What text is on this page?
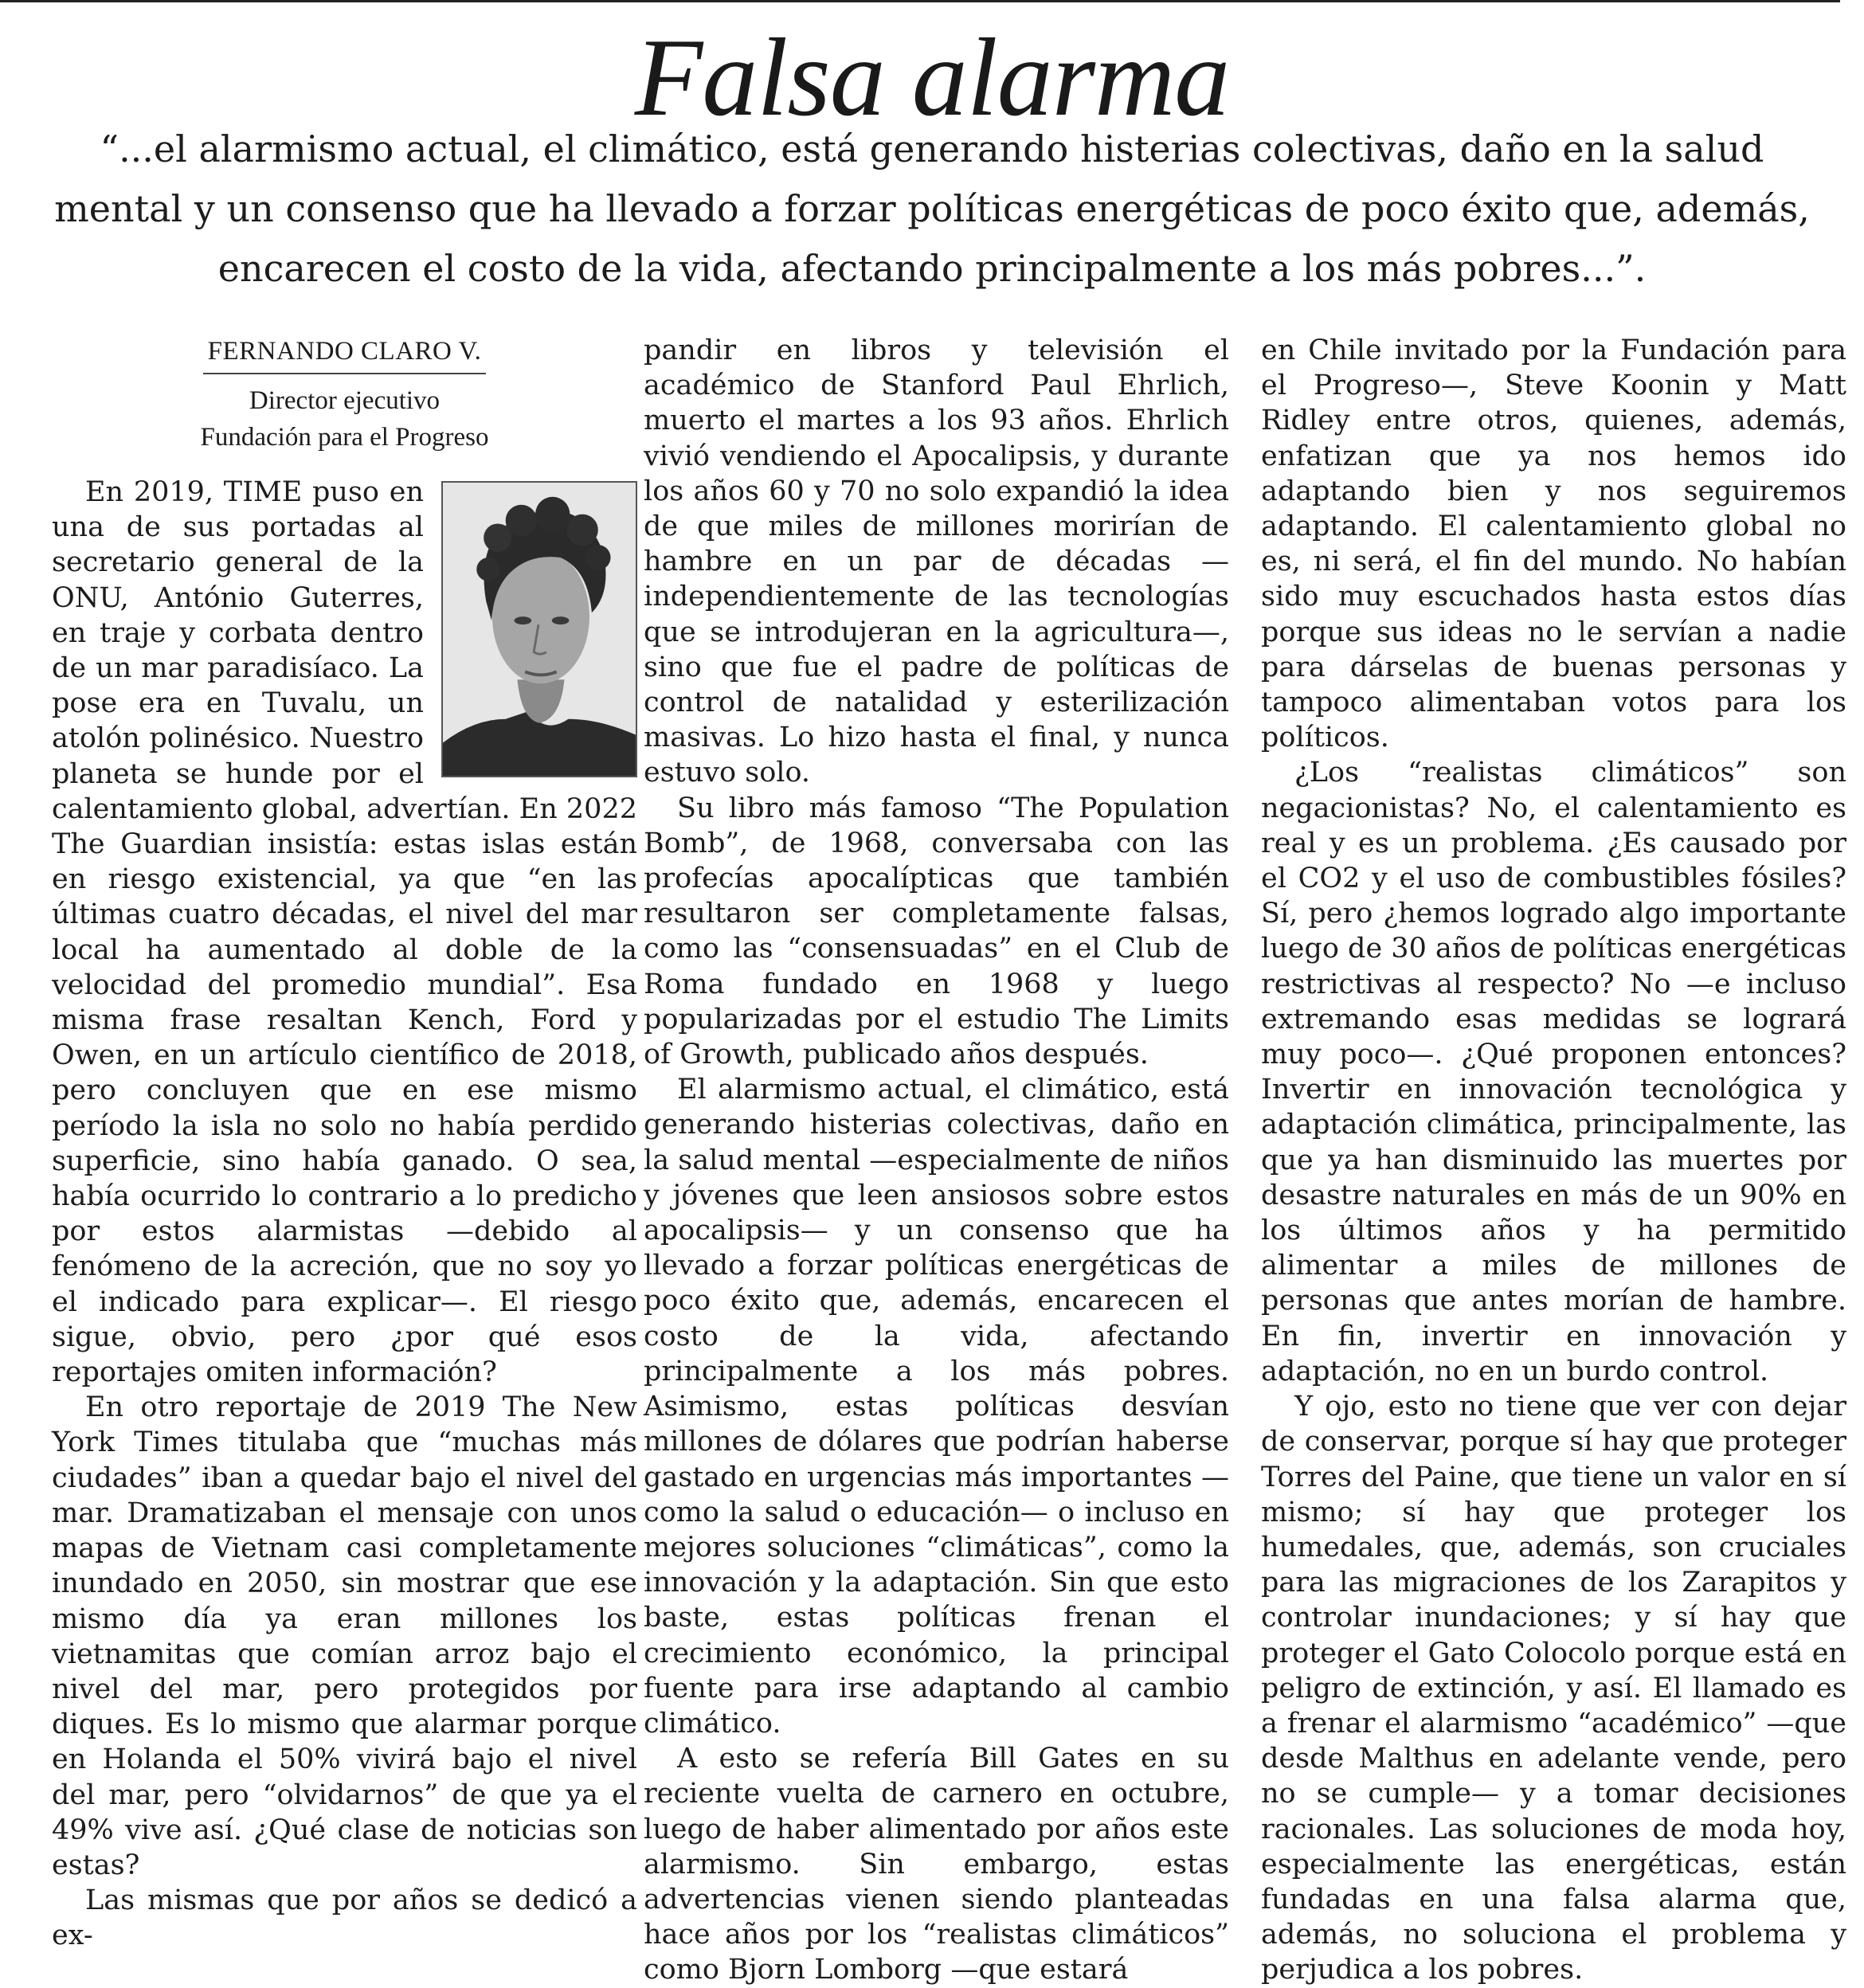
Falsa alarma

“...el alarmismo actual, el climático, está generando histerias colectivas, daño en la salud mental y un consenso que ha llevado a forzar políticas energéticas de poco éxito que, además, encarecen el costo de la vida, afectando principalmente a los más pobres...”.

FERNANDO CLARO V.
Director ejecutivo
Fundación para el Progreso

En 2019, TIME puso en una de sus portadas al secretario general de la ONU, António Guterres, en traje y corbata dentro de un mar paradisíaco. La pose era en Tuvalu, un atolón polinésico. Nuestro planeta se hunde por el calentamiento global, advertían. En 2022 The Guardian insistía: estas islas están en riesgo existencial, ya que “en las últimas cuatro décadas, el nivel del mar local ha aumentado al doble de la velocidad del promedio mundial”. Esa misma frase resaltan Kench, Ford y Owen, en un artículo científico de 2018, pero concluyen que en ese mismo período la isla no solo no había perdido superficie, sino había ganado. O sea, había ocurrido lo contrario a lo predicho por estos alarmistas —debido al fenómeno de la acreción, que no soy yo el indicado para explicar—. El riesgo sigue, obvio, pero ¿por qué esos reportajes omiten información?

En otro reportaje de 2019 The New York Times titulaba que “muchas más ciudades” iban a quedar bajo el nivel del mar. Dramatizaban el mensaje con unos mapas de Vietnam casi completamente inundado en 2050, sin mostrar que ese mismo día ya eran millones los vietnamitas que comían arroz bajo el nivel del mar, pero protegidos por diques. Es lo mismo que alarmar porque en Holanda el 50% vivirá bajo el nivel del mar, pero “olvidarnos” de que ya el 49% vive así. ¿Qué clase de noticias son estas?

Las mismas que por años se dedicó a ex-

pandir en libros y televisión el académico de Stanford Paul Ehrlich, muerto el martes a los 93 años. Ehrlich vivió vendiendo el Apocalipsis, y durante los años 60 y 70 no solo expandió la idea de que miles de millones morirían de hambre en un par de décadas —independientemente de las tecnologías que se introdujeran en la agricultura—, sino que fue el padre de políticas de control de natalidad y esterilización masivas. Lo hizo hasta el final, y nunca estuvo solo.

Su libro más famoso “The Population Bomb”, de 1968, conversaba con las profecías apocalípticas que también resultaron ser completamente falsas, como las “consensuadas” en el Club de Roma fundado en 1968 y luego popularizadas por el estudio The Limits of Growth, publicado años después.

El alarmismo actual, el climático, está generando histerias colectivas, daño en la salud mental —especialmente de niños y jóvenes que leen ansiosos sobre estos apocalipsis— y un consenso que ha llevado a forzar políticas energéticas de poco éxito que, además, encarecen el costo de la vida, afectando principalmente a los más pobres. Asimismo, estas políticas desvían millones de dólares que podrían haberse gastado en urgencias más importantes —como la salud o educación— o incluso en mejores soluciones “climáticas”, como la innovación y la adaptación. Sin que esto baste, estas políticas frenan el crecimiento económico, la principal fuente para irse adaptando al cambio climático.

A esto se refería Bill Gates en su reciente vuelta de carnero en octubre, luego de haber alimentado por años este alarmismo. Sin embargo, estas advertencias vienen siendo planteadas hace años por los “realistas climáticos” como Bjorn Lomborg —que estará

en Chile invitado por la Fundación para el Progreso—, Steve Koonin y Matt Ridley entre otros, quienes, además, enfatizan que ya nos hemos ido adaptando bien y nos seguiremos adaptando. El calentamiento global no es, ni será, el fin del mundo. No habían sido muy escuchados hasta estos días porque sus ideas no le servían a nadie para dárselas de buenas personas y tampoco alimentaban votos para los políticos.

¿Los “realistas climáticos” son negacionistas? No, el calentamiento es real y es un problema. ¿Es causado por el CO2 y el uso de combustibles fósiles? Sí, pero ¿hemos logrado algo importante luego de 30 años de políticas energéticas restrictivas al respecto? No —e incluso extremando esas medidas se logrará muy poco—. ¿Qué proponen entonces? Invertir en innovación tecnológica y adaptación climática, principalmente, las que ya han disminuido las muertes por desastre naturales en más de un 90% en los últimos años y ha permitido alimentar a miles de millones de personas que antes morían de hambre. En fin, invertir en innovación y adaptación, no en un burdo control.

Y ojo, esto no tiene que ver con dejar de conservar, porque sí hay que proteger Torres del Paine, que tiene un valor en sí mismo; sí hay que proteger los humedales, que, además, son cruciales para las migraciones de los Zarapitos y controlar inundaciones; y sí hay que proteger el Gato Colocolo porque está en peligro de extinción, y así. El llamado es a frenar el alarmismo “académico” —que desde Malthus en adelante vende, pero no se cumple— y a tomar decisiones racionales. Las soluciones de moda hoy, especialmente las energéticas, están fundadas en una falsa alarma que, además, no soluciona el problema y perjudica a los pobres.
